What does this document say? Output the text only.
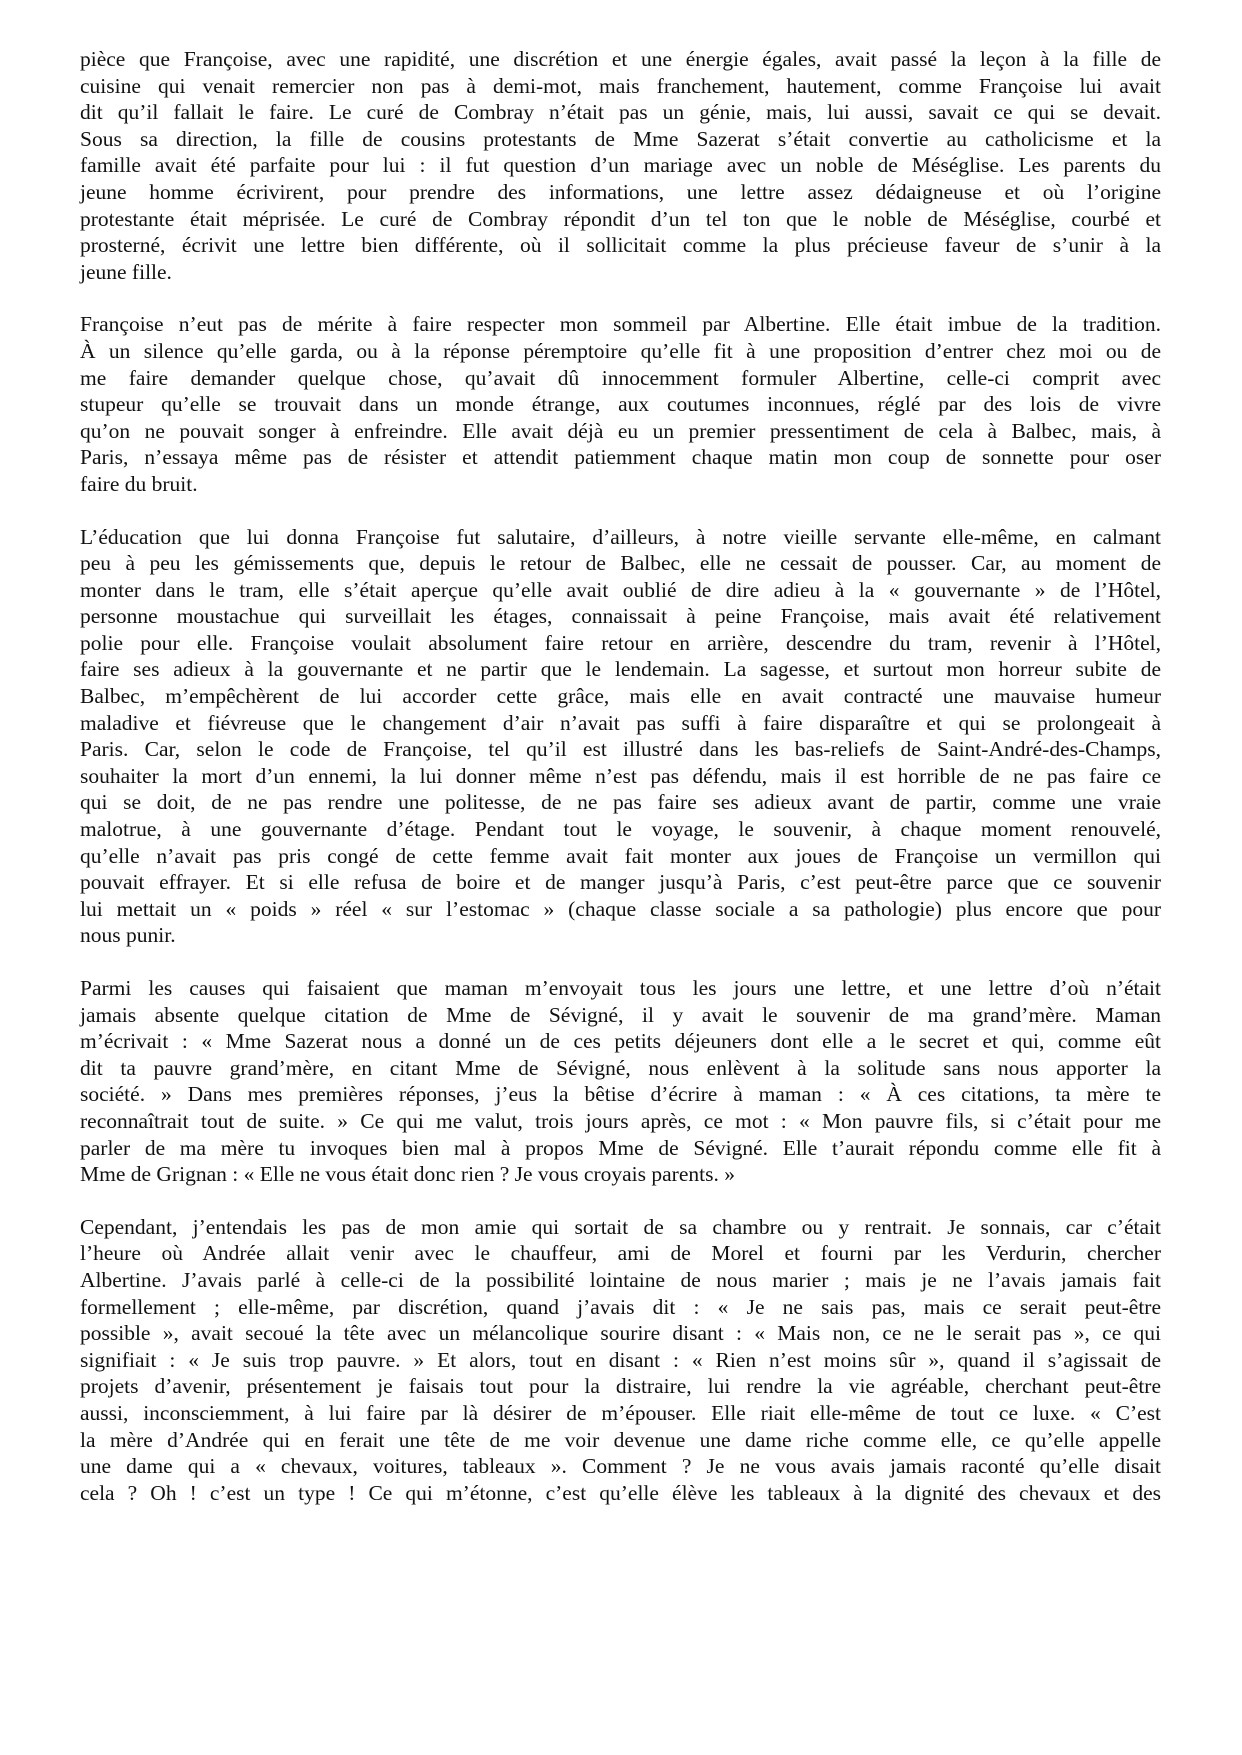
pièce que Françoise, avec une rapidité, une discrétion et une énergie égales, avait passé la leçon à la fille de
cuisine qui venait remercier non pas à demi-mot, mais franchement, hautement, comme Françoise lui avait
dit qu’il fallait le faire. Le curé de Combray n’était pas un génie, mais, lui aussi, savait ce qui se devait.
Sous sa direction, la fille de cousins protestants de Mme Sazerat s’était convertie au catholicisme et la
famille avait été parfaite pour lui : il fut question d’un mariage avec un noble de Méséglise. Les parents du
jeune homme écrivirent, pour prendre des informations, une lettre assez dédaigneuse et où l’origine
protestante était méprisée. Le curé de Combray répondit d’un tel ton que le noble de Méséglise, courbé et
prosterné, écrivit une lettre bien différente, où il sollicitait comme la plus précieuse faveur de s’unir à la
jeune fille.
Françoise n’eut pas de mérite à faire respecter mon sommeil par Albertine. Elle était imbue de la tradition.
À un silence qu’elle garda, ou à la réponse péremptoire qu’elle fit à une proposition d’entrer chez moi ou de
me faire demander quelque chose, qu’avait dû innocemment formuler Albertine, celle-ci comprit avec
stupeur qu’elle se trouvait dans un monde étrange, aux coutumes inconnues, réglé par des lois de vivre
qu’on ne pouvait songer à enfreindre. Elle avait déjà eu un premier pressentiment de cela à Balbec, mais, à
Paris, n’essaya même pas de résister et attendit patiemment chaque matin mon coup de sonnette pour oser
faire du bruit.
L’éducation que lui donna Françoise fut salutaire, d’ailleurs, à notre vieille servante elle-même, en calmant
peu à peu les gémissements que, depuis le retour de Balbec, elle ne cessait de pousser. Car, au moment de
monter dans le tram, elle s’était aperçue qu’elle avait oublié de dire adieu à la « gouvernante » de l’Hôtel,
personne moustachue qui surveillait les étages, connaissait à peine Françoise, mais avait été relativement
polie pour elle. Françoise voulait absolument faire retour en arrière, descendre du tram, revenir à l’Hôtel,
faire ses adieux à la gouvernante et ne partir que le lendemain. La sagesse, et surtout mon horreur subite de
Balbec, m’empêchèrent de lui accorder cette grâce, mais elle en avait contracté une mauvaise humeur
maladive et fiévreuse que le changement d’air n’avait pas suffi à faire disparaître et qui se prolongeait à
Paris. Car, selon le code de Françoise, tel qu’il est illustré dans les bas-reliefs de Saint-André-des-Champs,
souhaiter la mort d’un ennemi, la lui donner même n’est pas défendu, mais il est horrible de ne pas faire ce
qui se doit, de ne pas rendre une politesse, de ne pas faire ses adieux avant de partir, comme une vraie
malotrue, à une gouvernante d’étage. Pendant tout le voyage, le souvenir, à chaque moment renouvelé,
qu’elle n’avait pas pris congé de cette femme avait fait monter aux joues de Françoise un vermillon qui
pouvait effrayer. Et si elle refusa de boire et de manger jusqu’à Paris, c’est peut-être parce que ce souvenir
lui mettait un « poids » réel « sur l’estomac » (chaque classe sociale a sa pathologie) plus encore que pour
nous punir.
Parmi les causes qui faisaient que maman m’envoyait tous les jours une lettre, et une lettre d’où n’était
jamais absente quelque citation de Mme de Sévigné, il y avait le souvenir de ma grand’mère. Maman
m’écrivait : « Mme Sazerat nous a donné un de ces petits déjeuners dont elle a le secret et qui, comme eût
dit ta pauvre grand’mère, en citant Mme de Sévigné, nous enlèvent à la solitude sans nous apporter la
société. » Dans mes premières réponses, j’eus la bêtise d’écrire à maman : « À ces citations, ta mère te
reconnaîtrait tout de suite. » Ce qui me valut, trois jours après, ce mot : « Mon pauvre fils, si c’était pour me
parler de ma mère tu invoques bien mal à propos Mme de Sévigné. Elle t’aurait répondu comme elle fit à
Mme de Grignan : « Elle ne vous était donc rien ? Je vous croyais parents. »
Cependant, j’entendais les pas de mon amie qui sortait de sa chambre ou y rentrait. Je sonnais, car c’était
l’heure où Andrée allait venir avec le chauffeur, ami de Morel et fourni par les Verdurin, chercher
Albertine. J’avais parlé à celle-ci de la possibilité lointaine de nous marier ; mais je ne l’avais jamais fait
formellement ; elle-même, par discrétion, quand j’avais dit : « Je ne sais pas, mais ce serait peut-être
possible », avait secoué la tête avec un mélancolique sourire disant : « Mais non, ce ne le serait pas », ce qui
signifiait : « Je suis trop pauvre. » Et alors, tout en disant : « Rien n’est moins sûr », quand il s’agissait de
projets d’avenir, présentement je faisais tout pour la distraire, lui rendre la vie agréable, cherchant peut-être
aussi, inconsciemment, à lui faire par là désirer de m’épouser. Elle riait elle-même de tout ce luxe. « C’est
la mère d’Andrée qui en ferait une tête de me voir devenue une dame riche comme elle, ce qu’elle appelle
une dame qui a « chevaux, voitures, tableaux ». Comment ? Je ne vous avais jamais raconté qu’elle disait
cela ? Oh ! c’est un type ! Ce qui m’étonne, c’est qu’elle élève les tableaux à la dignité des chevaux et des
